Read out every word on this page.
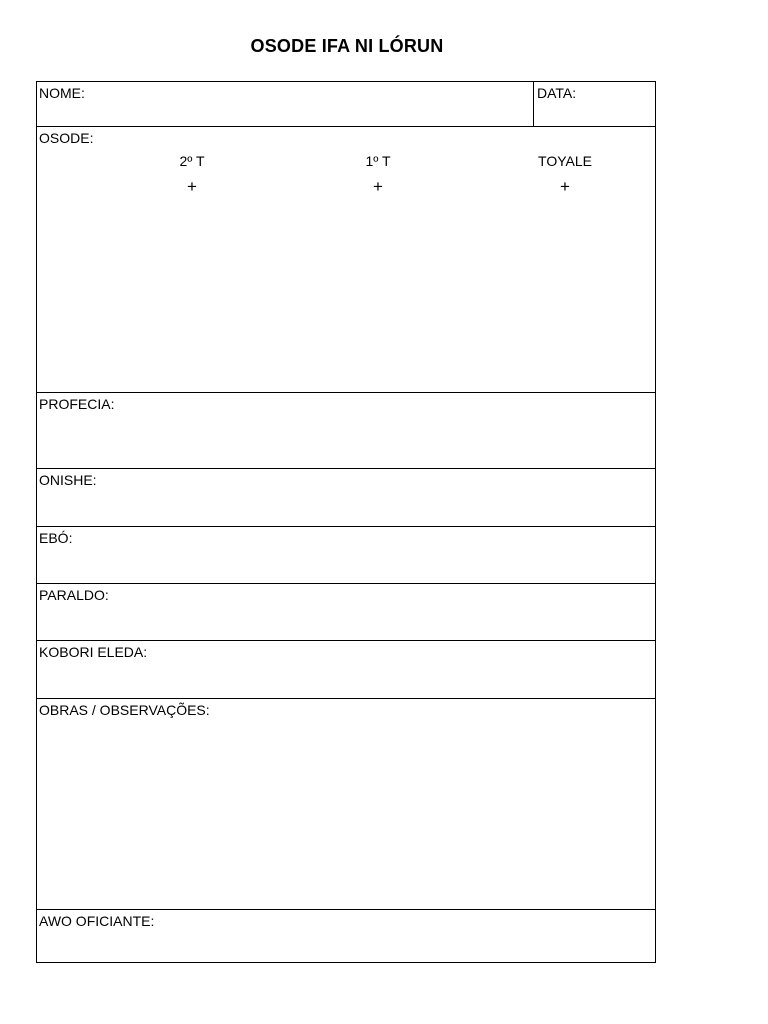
OSODE IFA NI LÓRUN
NOME:	DATA:
OSODE:
2º T	1º T	TOYALE
+	+	+
PROFECIA:
ONISHE:
EBÓ:
PARALDO:
KOBORI ELEDA:
OBRAS / OBSERVAÇÕES:
AWO OFICIANTE:
